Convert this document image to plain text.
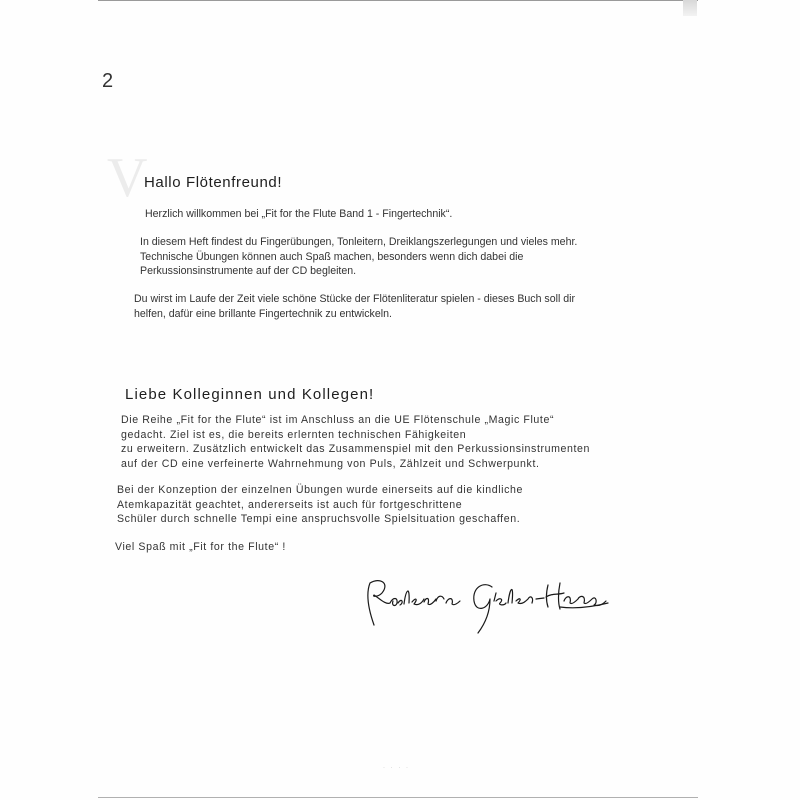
2
V
Hallo Flötenfreund!

Herzlich willkommen bei „Fit for the Flute Band 1 - Fingertechnik“.

In diesem Heft findest du Fingerübungen, Tonleitern, Dreiklangszerlegungen und vieles mehr.
Technische Übungen können auch Spaß machen, besonders wenn dich dabei die
Perkussionsinstrumente auf der CD begleiten.

Du wirst im Laufe der Zeit viele schöne Stücke der Flötenliteratur spielen - dieses Buch soll dir
helfen, dafür eine brillante Fingertechnik zu entwickeln.

Liebe Kolleginnen und Kollegen!

Die Reihe „Fit for the Flute“ ist im Anschluss an die UE Flötenschule „Magic Flute“
gedacht. Ziel ist es, die bereits erlernten technischen Fähigkeiten
zu erweitern. Zusätzlich entwickelt das Zusammenspiel mit den Perkussionsinstrumenten
auf der CD eine verfeinerte Wahrnehmung von Puls, Zählzeit und Schwerpunkt.

Bei der Konzeption der einzelnen Übungen wurde einerseits auf die kindliche
Atemkapazität geachtet, andererseits ist auch für fortgeschrittene
Schüler durch schnelle Tempi eine anspruchsvolle Spielsituation geschaffen.

Viel Spaß mit „Fit for the Flute“ !

· · · ·
